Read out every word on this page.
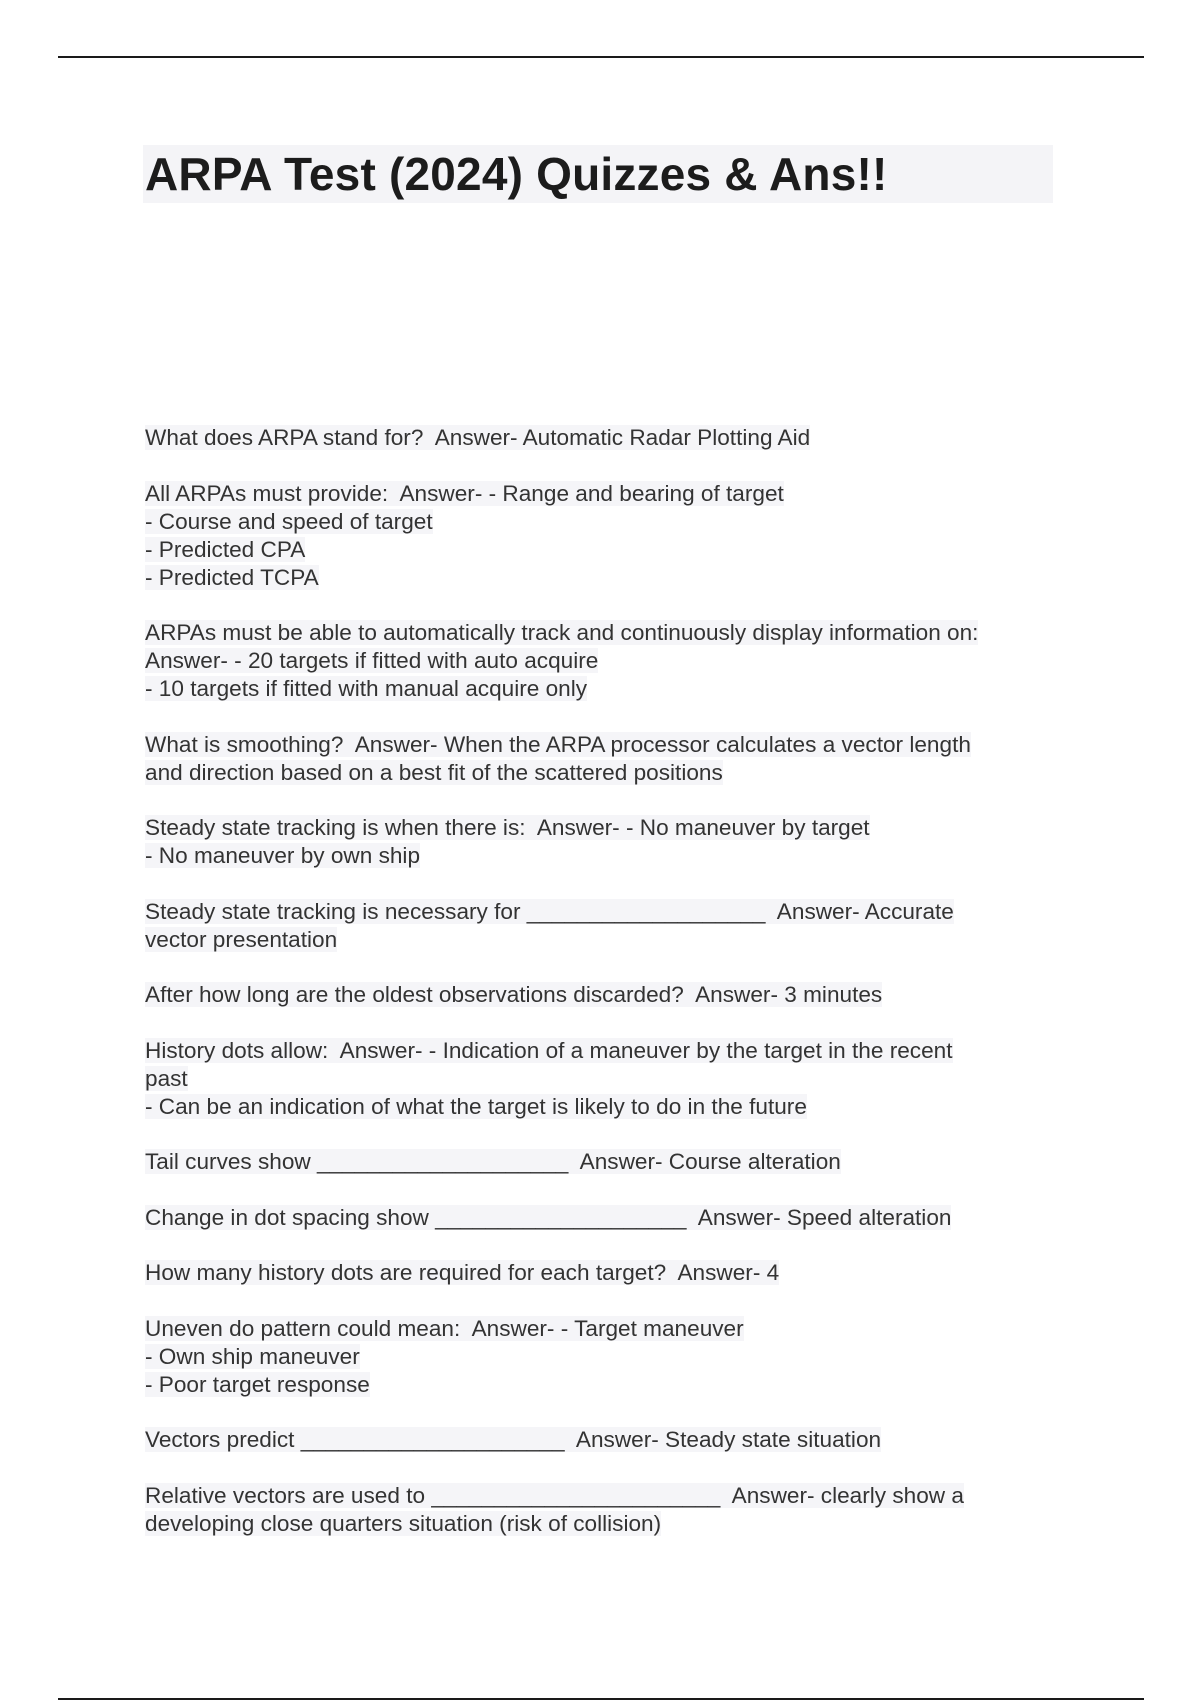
ARPA Test (2024) Quizzes & Ans!!
What does ARPA stand for?  Answer- Automatic Radar Plotting Aid
All ARPAs must provide:  Answer- - Range and bearing of target
- Course and speed of target
- Predicted CPA
- Predicted TCPA
ARPAs must be able to automatically track and continuously display information on:
Answer- - 20 targets if fitted with auto acquire
- 10 targets if fitted with manual acquire only
What is smoothing?  Answer- When the ARPA processor calculates a vector length
and direction based on a best fit of the scattered positions
Steady state tracking is when there is:  Answer- - No maneuver by target
- No maneuver by own ship
Steady state tracking is necessary for ___________________  Answer- Accurate
vector presentation
After how long are the oldest observations discarded?  Answer- 3 minutes
History dots allow:  Answer- - Indication of a maneuver by the target in the recent
past
- Can be an indication of what the target is likely to do in the future
Tail curves show ____________________  Answer- Course alteration
Change in dot spacing show ____________________  Answer- Speed alteration
How many history dots are required for each target?  Answer- 4
Uneven do pattern could mean:  Answer- - Target maneuver
- Own ship maneuver
- Poor target response
Vectors predict _____________________  Answer- Steady state situation
Relative vectors are used to _______________________  Answer- clearly show a
developing close quarters situation (risk of collision)
